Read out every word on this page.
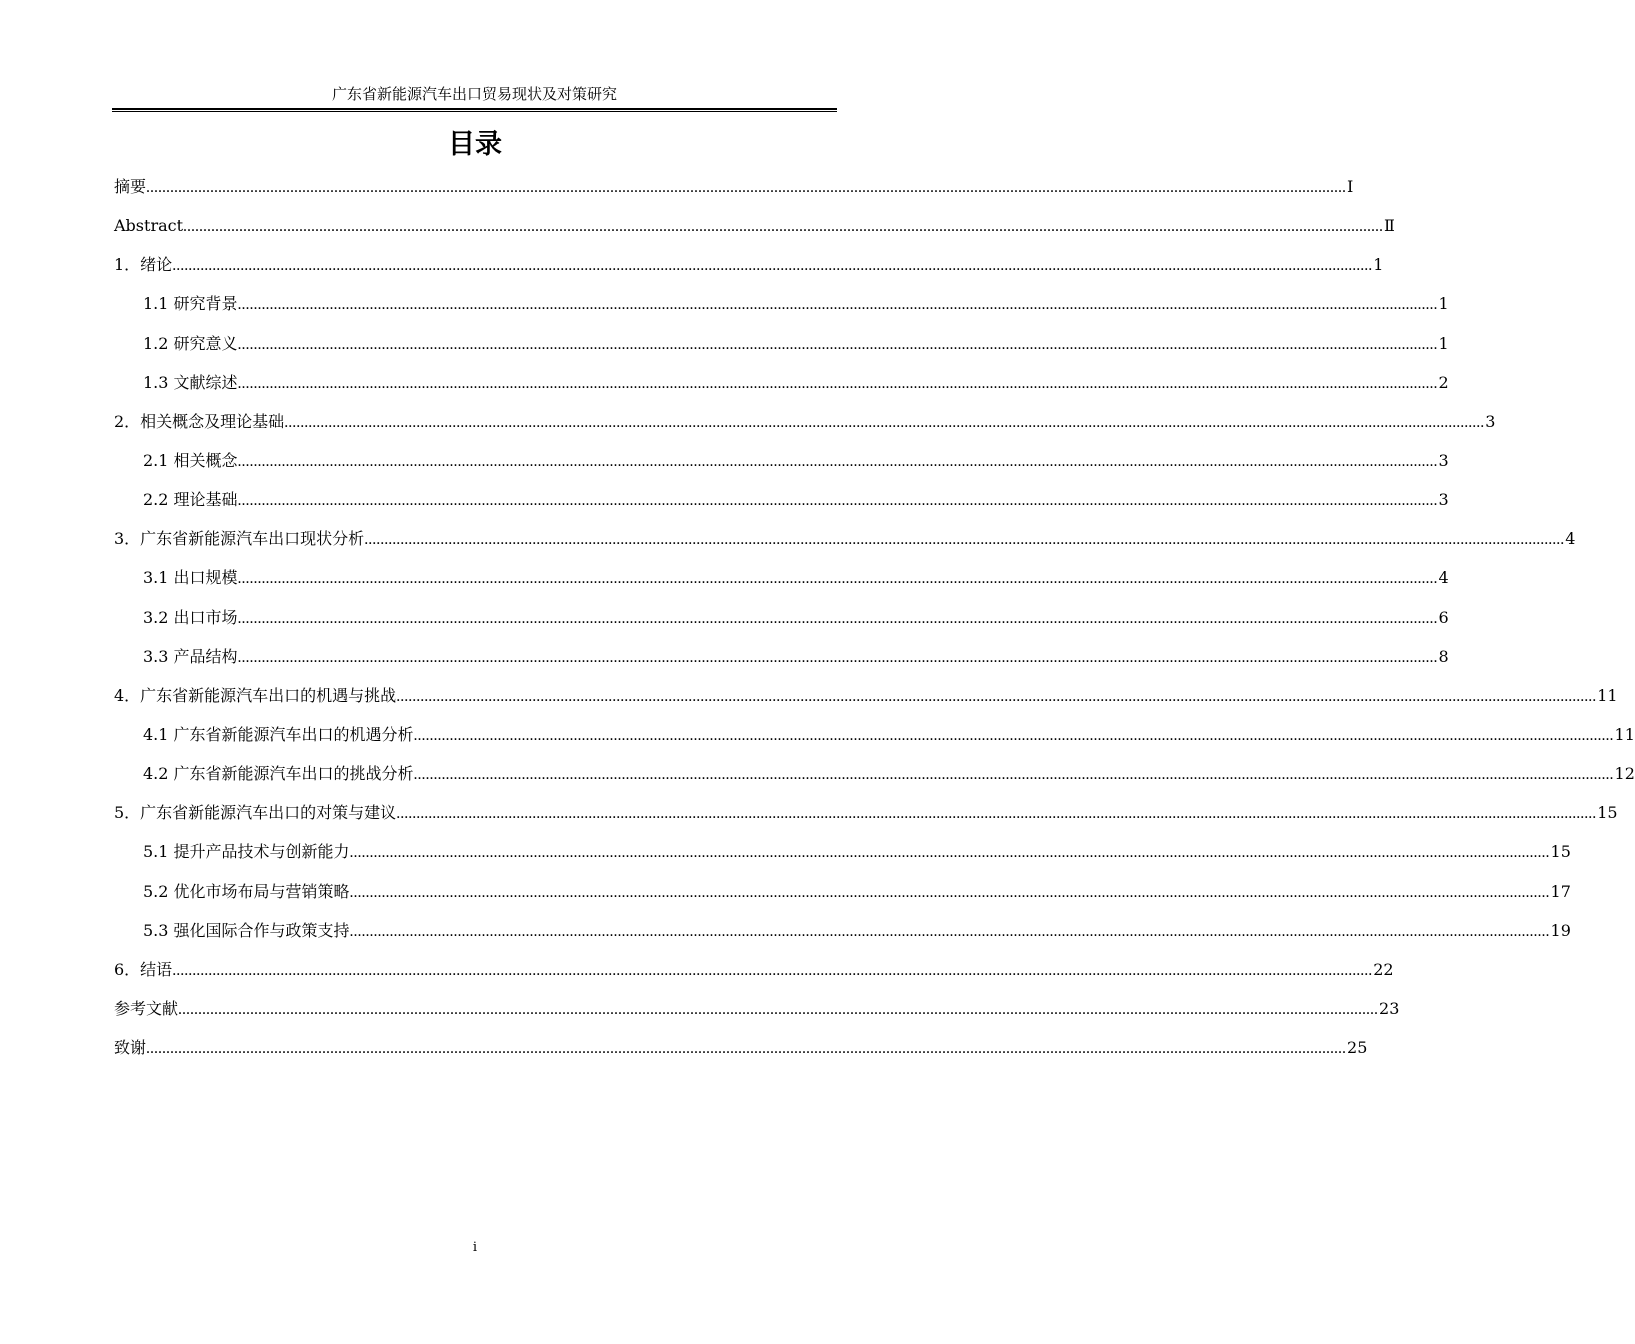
广东省新能源汽车出口贸易现状及对策研究
目录
摘要 ............................................................................................................................................................................................................................................................................................................ Ⅰ
Abstract ............................................................................................................................................................................................................................................................................................................ Ⅱ
1．绪论 ............................................................................................................................................................................................................................................................................................................ 1
1.1 研究背景 ............................................................................................................................................................................................................................................................................................................ 1
1.2 研究意义 ............................................................................................................................................................................................................................................................................................................ 1
1.3 文献综述 ............................................................................................................................................................................................................................................................................................................ 2
2．相关概念及理论基础 ............................................................................................................................................................................................................................................................................................................ 3
2.1 相关概念 ............................................................................................................................................................................................................................................................................................................ 3
2.2 理论基础 ............................................................................................................................................................................................................................................................................................................ 3
3．广东省新能源汽车出口现状分析 ............................................................................................................................................................................................................................................................................................................ 4
3.1 出口规模 ............................................................................................................................................................................................................................................................................................................ 4
3.2 出口市场 ............................................................................................................................................................................................................................................................................................................ 6
3.3 产品结构 ............................................................................................................................................................................................................................................................................................................ 8
4．广东省新能源汽车出口的机遇与挑战 ............................................................................................................................................................................................................................................................................................................ 11
4.1 广东省新能源汽车出口的机遇分析 ............................................................................................................................................................................................................................................................................................................ 11
4.2 广东省新能源汽车出口的挑战分析 ............................................................................................................................................................................................................................................................................................................ 12
5．广东省新能源汽车出口的对策与建议 ............................................................................................................................................................................................................................................................................................................ 15
5.1 提升产品技术与创新能力 ............................................................................................................................................................................................................................................................................................................ 15
5.2 优化市场布局与营销策略 ............................................................................................................................................................................................................................................................................................................ 17
5.3 强化国际合作与政策支持 ............................................................................................................................................................................................................................................................................................................ 19
6．结语 ............................................................................................................................................................................................................................................................................................................ 22
参考文献 ............................................................................................................................................................................................................................................................................................................ 23
致谢 ............................................................................................................................................................................................................................................................................................................ 25
i
